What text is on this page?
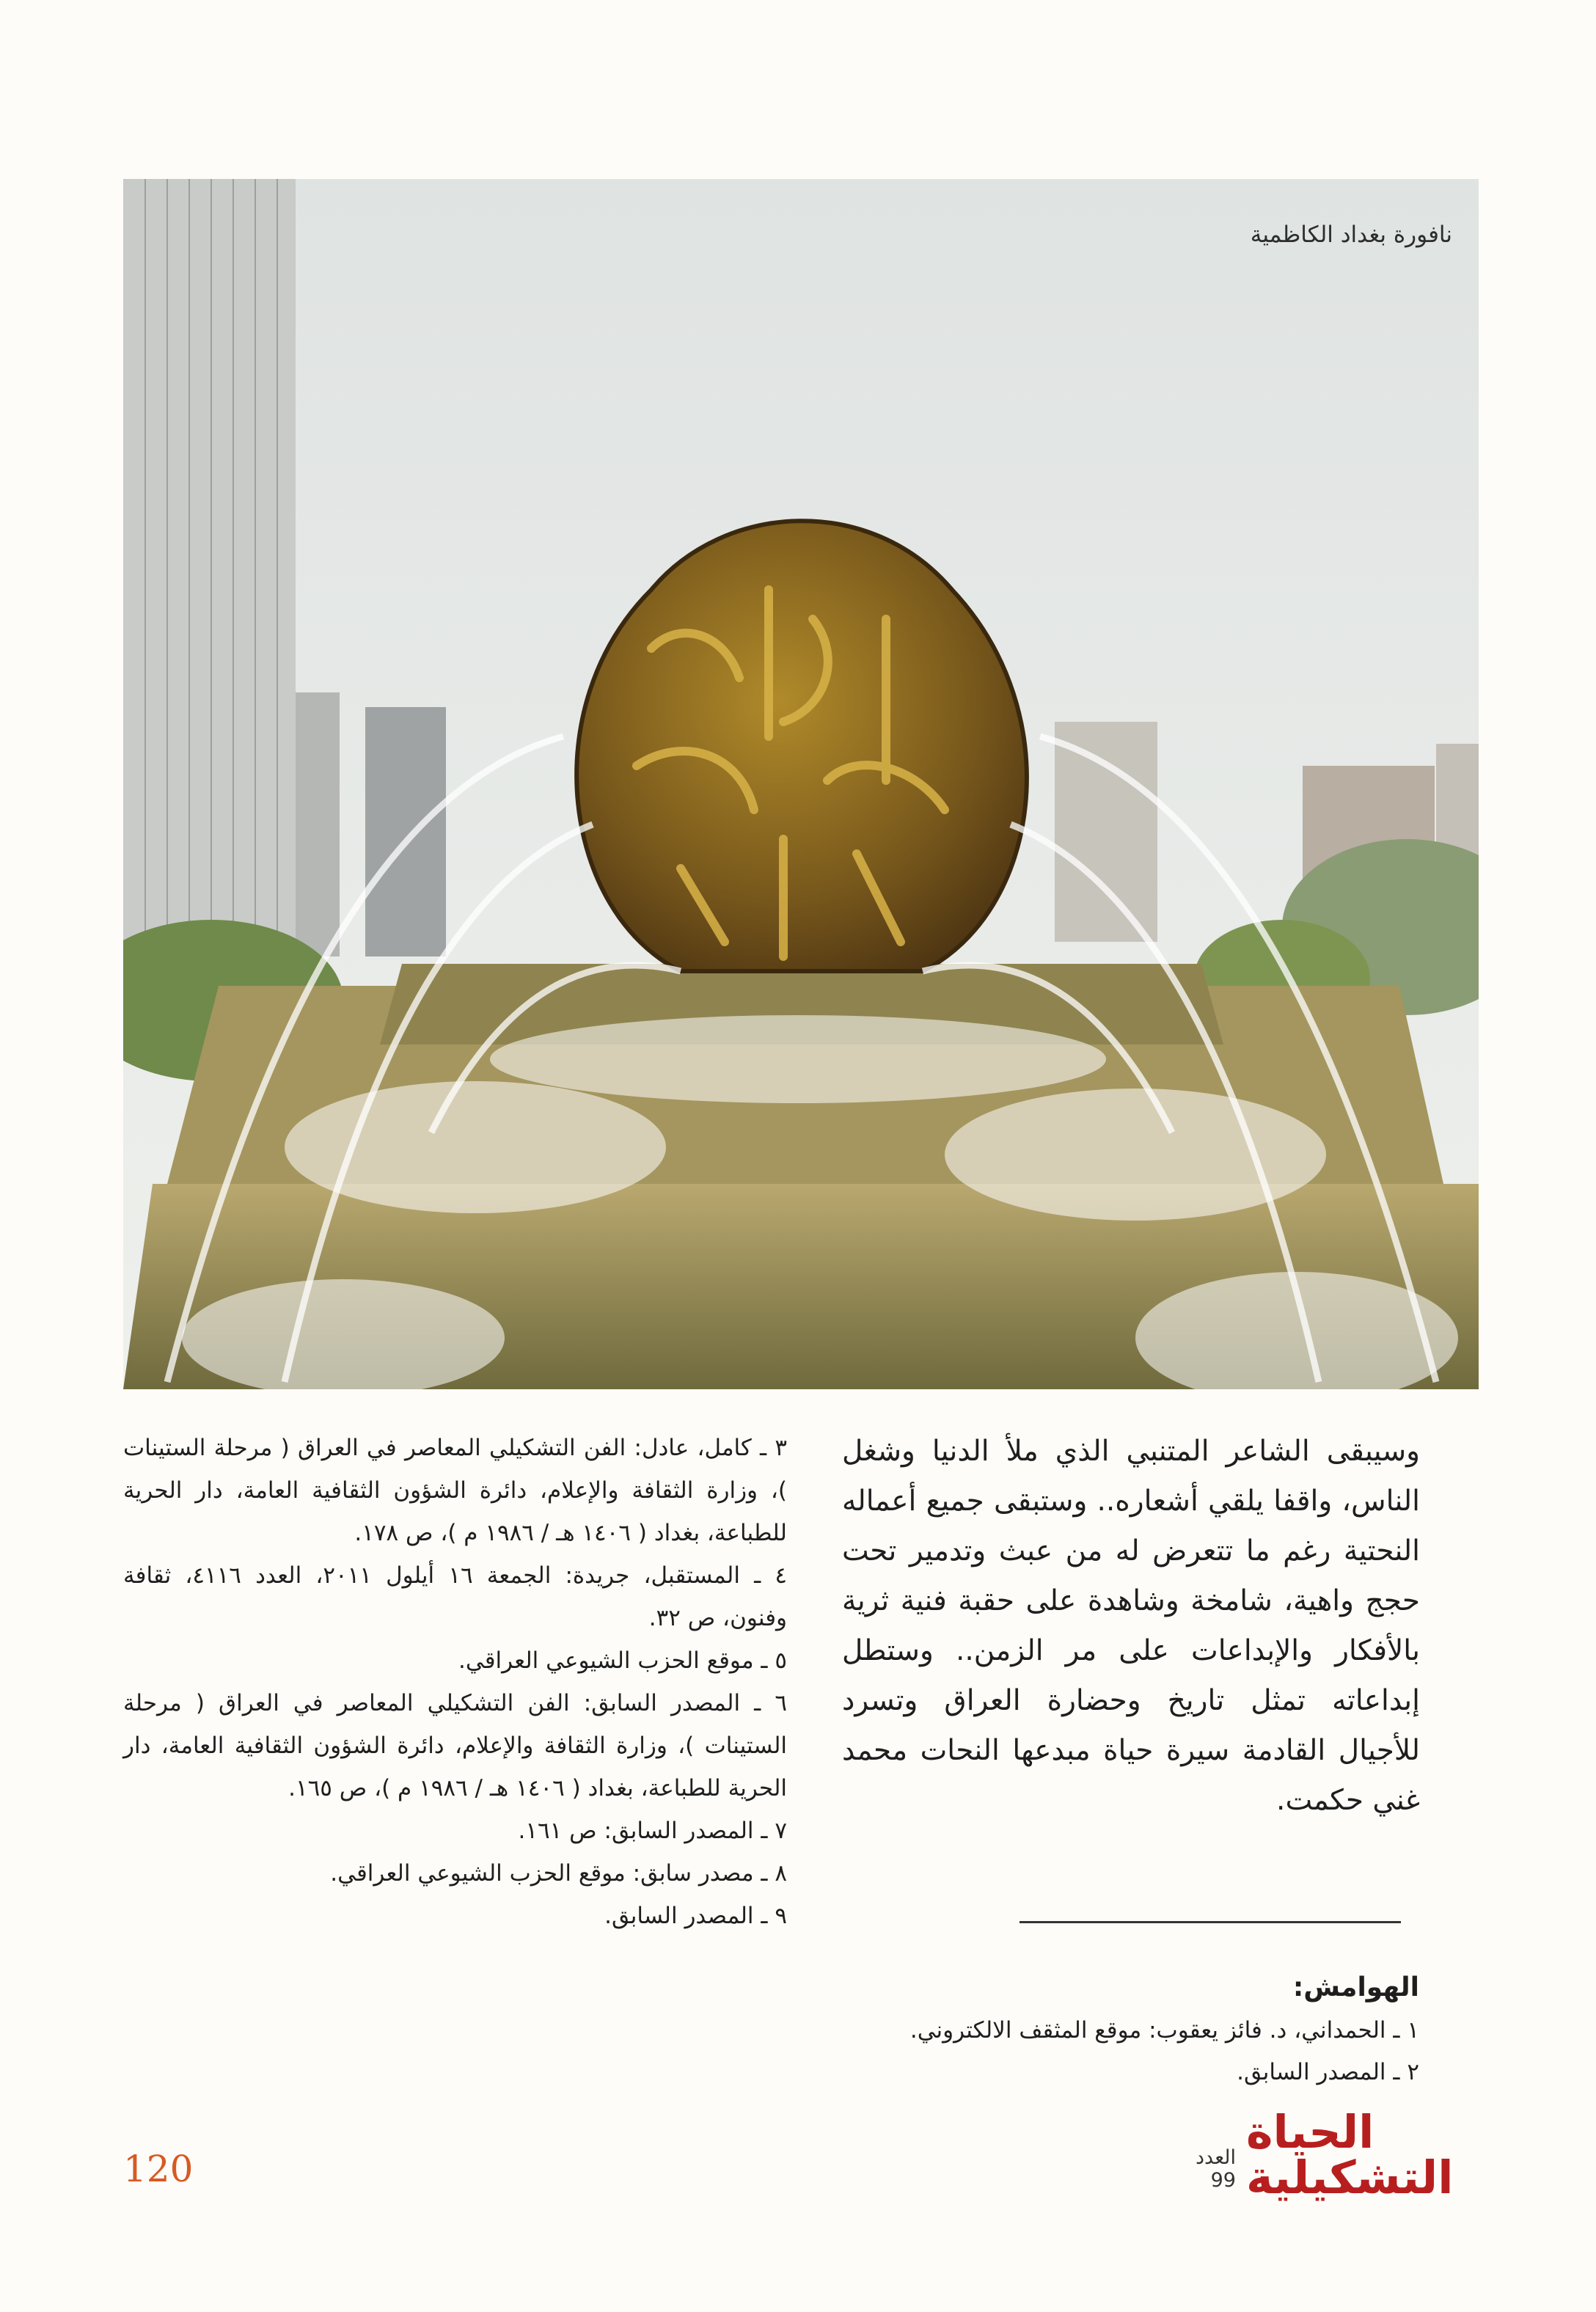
نافورة بغداد الكاظمية

وسيبقى الشاعر المتنبي الذي ملأ الدنيا وشغل الناس، واقفا يلقي أشعاره.. وستبقى جميع أعماله النحتية رغم ما تتعرض له من عبث وتدمير تحت حجج واهية، شامخة وشاهدة على حقبة فنية ثرية بالأفكار والإبداعات على مر الزمن.. وستطل إبداعاته تمثل تاريخ وحضارة العراق وتسرد للأجيال القادمة سيرة حياة مبدعها النحات محمد غني حكمت.

الهوامش:
١ ـ الحمداني، د. فائز يعقوب: موقع المثقف الالكتروني.
٢ ـ المصدر السابق.
٣ ـ كامل، عادل: الفن التشكيلي المعاصر في العراق ( مرحلة الستينات )، وزارة الثقافة والإعلام، دائرة الشؤون الثقافية العامة، دار الحرية للطباعة، بغداد ( ١٤٠٦ هـ / ١٩٨٦ م )، ص ١٧٨.
٤ ـ المستقبل، جريدة: الجمعة ١٦ أيلول ٢٠١١، العدد ٤١١٦، ثقافة وفنون، ص ٣٢.
٥ ـ موقع الحزب الشيوعي العراقي.
٦ ـ المصدر السابق: الفن التشكيلي المعاصر في العراق ( مرحلة الستينات )، وزارة الثقافة والإعلام، دائرة الشؤون الثقافية العامة، دار الحرية للطباعة، بغداد ( ١٤٠٦ هـ / ١٩٨٦ م )، ص ١٦٥.
٧ ـ المصدر السابق: ص ١٦١.
٨ ـ مصدر سابق: موقع الحزب الشيوعي العراقي.
٩ ـ المصدر السابق.
120	العدد 99
الحياة التشكيلية
